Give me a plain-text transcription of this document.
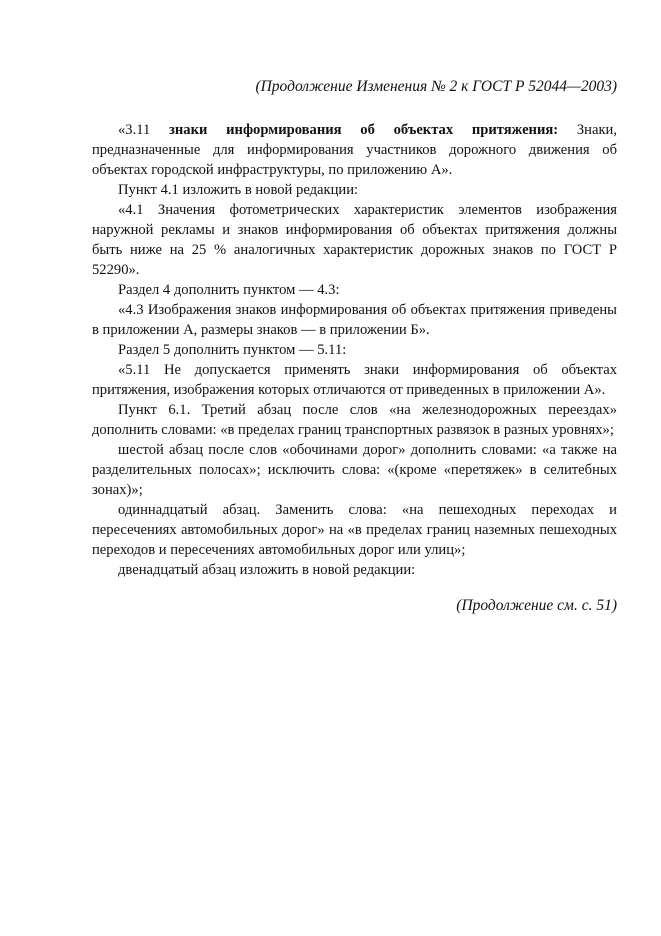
(Продолжение Изменения № 2 к ГОСТ Р 52044—2003)

«3.11 знаки информирования об объектах притяжения: Знаки, предназначенные для информирования участников дорожного движения об объектах городской инфраструктуры, по приложению А».

Пункт 4.1 изложить в новой редакции:

«4.1 Значения фотометрических характеристик элементов изображения наружной рекламы и знаков информирования об объектах притяжения должны быть ниже на 25 % аналогичных характеристик дорожных знаков по ГОСТ Р 52290».

Раздел 4 дополнить пунктом — 4.3:

«4.3 Изображения знаков информирования об объектах притяжения приведены в приложении А, размеры знаков — в приложении Б».

Раздел 5 дополнить пунктом — 5.11:

«5.11 Не допускается применять знаки информирования об объектах притяжения, изображения которых отличаются от приведенных в приложении А».

Пункт 6.1. Третий абзац после слов «на железнодорожных переездах» дополнить словами: «в пределах границ транспортных развязок в разных уровнях»;

шестой абзац после слов «обочинами дорог» дополнить словами: «а также на разделительных полосах»; исключить слова: «(кроме «перетяжек» в селитебных зонах)»;

одиннадцатый абзац. Заменить слова: «на пешеходных переходах и пересечениях автомобильных дорог» на «в пределах границ наземных пешеходных переходов и пересечениях автомобильных дорог или улиц»;

двенадцатый абзац изложить в новой редакции:

(Продолжение см. с. 51)
